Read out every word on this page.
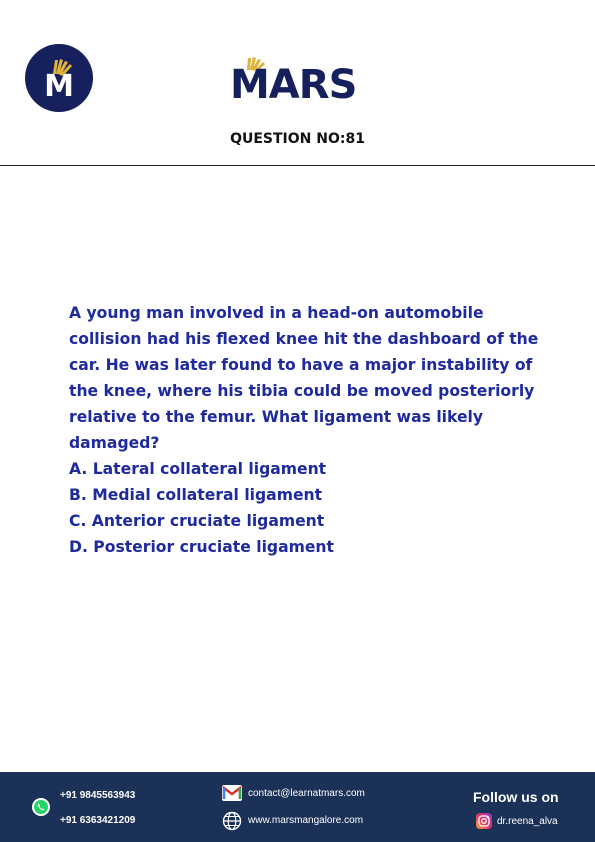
M	MARS
QUESTION NO:81

A young man involved in a head-on automobile collision had his flexed knee hit the dashboard of the car. He was later found to have a major instability of the knee, where his tibia could be moved posteriorly relative to the femur. What ligament was likely damaged?

A. Lateral collateral ligament

B. Medial collateral ligament

C. Anterior cruciate ligament

D. Posterior cruciate ligament

+91 9845563943
+91 6363421209
contact@learnatmars.com
www.marsmangalore.com
Follow us on
dr.reena_alva
